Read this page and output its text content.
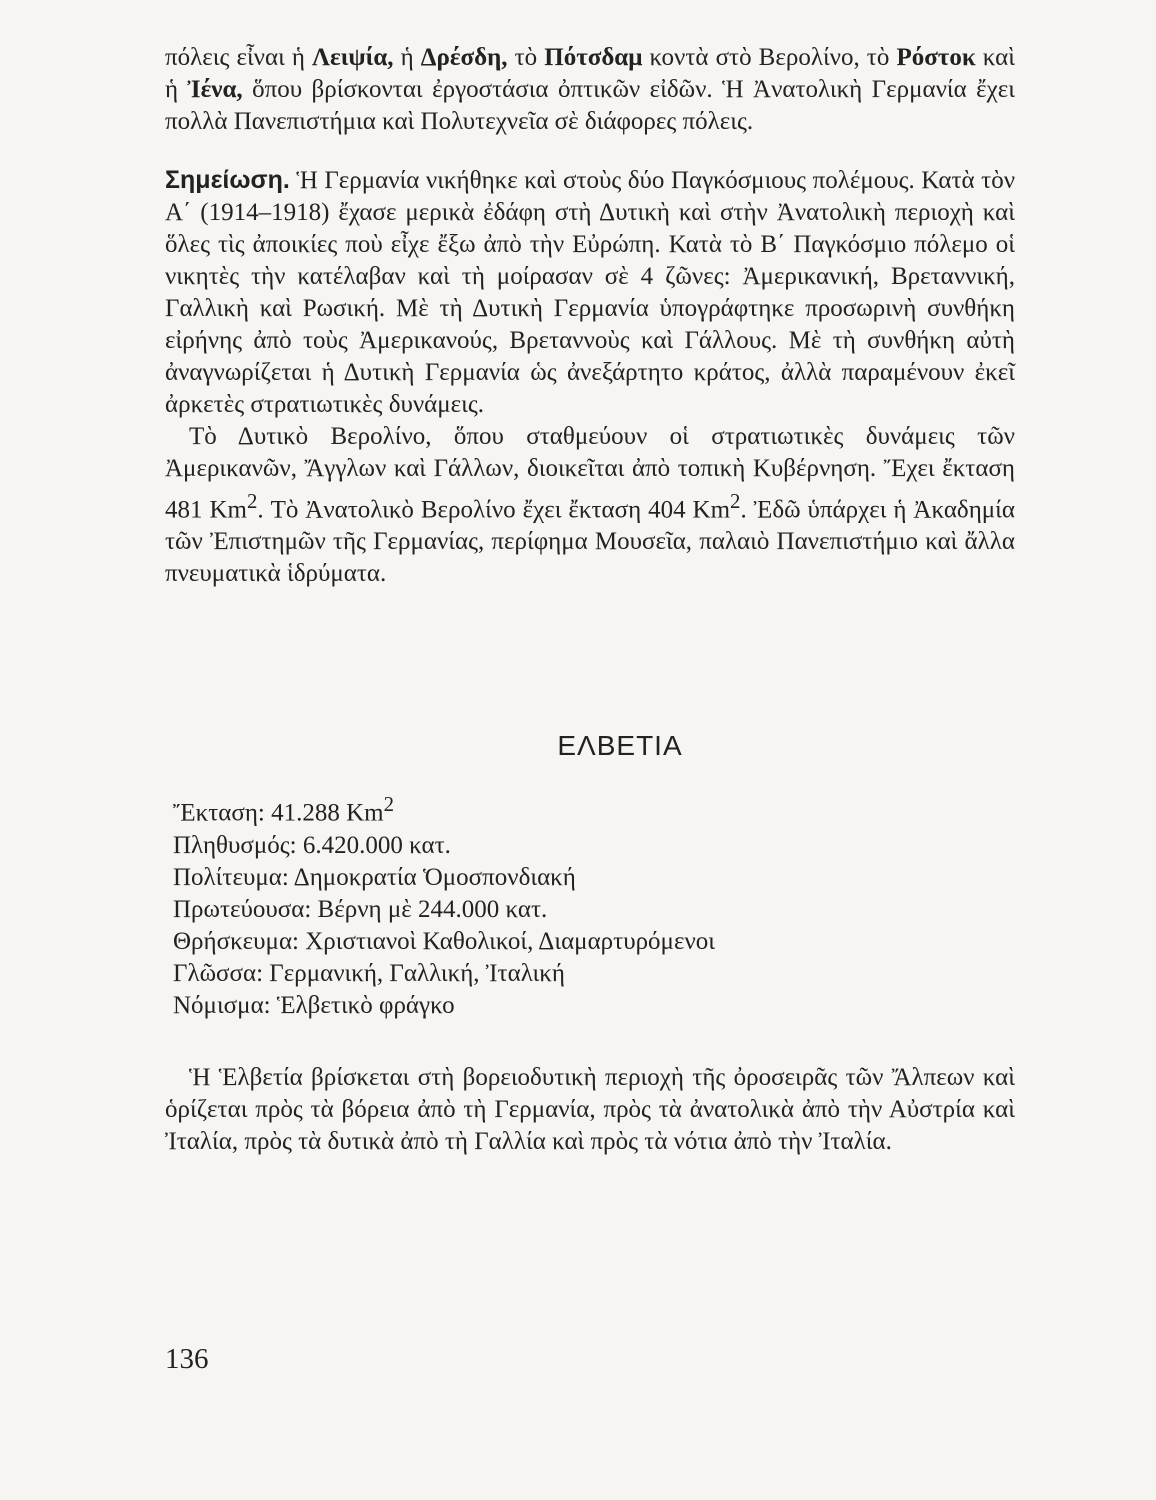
πόλεις εἶναι ἡ Λειψία, ἡ Δρέσδη, τὸ Πότσδαμ κοντὰ στὸ Βερολίνο, τὸ Ρόστοκ καὶ ἡ Ἰένα, ὅπου βρίσκονται ἐργοστάσια ὀπτικῶν εἰδῶν. Ἡ Ἀνατολικὴ Γερμανία ἔχει πολλὰ Πανεπιστήμια καὶ Πολυτεχνεῖα σὲ διάφορες πόλεις.

Σημείωση. Ἡ Γερμανία νικήθηκε καὶ στοὺς δύο Παγκόσμιους πολέμους. Κατὰ τὸν Α΄ (1914–1918) ἔχασε μερικὰ ἐδάφη στὴ Δυτικὴ καὶ στὴν Ἀνατολικὴ περιοχὴ καὶ ὅλες τὶς ἀποικίες ποὺ εἶχε ἔξω ἀπὸ τὴν Εὐρώπη. Κατὰ τὸ Β΄ Παγκόσμιο πόλεμο οἱ νικητὲς τὴν κατέλαβαν καὶ τὴ μοίρασαν σὲ 4 ζῶνες: Ἀμερικανική, Βρεταννική, Γαλλικὴ καὶ Ρωσική. Μὲ τὴ Δυτικὴ Γερμανία ὑπογράφτηκε προσωρινὴ συνθήκη εἰρήνης ἀπὸ τοὺς Ἀμερικανούς, Βρεταννοὺς καὶ Γάλλους. Μὲ τὴ συνθήκη αὐτὴ ἀναγνωρίζεται ἡ Δυτικὴ Γερμανία ὡς ἀνεξάρτητο κράτος, ἀλλὰ παραμένουν ἐκεῖ ἀρκετὲς στρατιωτικὲς δυνάμεις.

Τὸ Δυτικὸ Βερολίνο, ὅπου σταθμεύουν οἱ στρατιωτικὲς δυνάμεις τῶν Ἀμερικανῶν, Ἄγγλων καὶ Γάλλων, διοικεῖται ἀπὸ τοπικὴ Κυβέρνηση. Ἔχει ἔκταση 481 Km$^2$. Τὸ Ἀνατολικὸ Βερολίνο ἔχει ἔκταση 404 Km$^2$. Ἐδῶ ὑπάρχει ἡ Ἀκαδημία τῶν Ἐπιστημῶν τῆς Γερμανίας, περίφημα Μουσεῖα, παλαιὸ Πανεπιστήμιο καὶ ἄλλα πνευματικὰ ἱδρύματα.

ΕΛΒΕΤΙΑ
Ἔκταση: 41.288 Km$^2$
Πληθυσμός: 6.420.000 κατ.
Πολίτευμα: Δημοκρατία Ὁμοσπονδιακή
Πρωτεύουσα: Βέρνη μὲ 244.000 κατ.
Θρήσκευμα: Χριστιανοὶ Καθολικοί, Διαμαρτυρόμενοι
Γλῶσσα: Γερμανική, Γαλλική, Ἰταλική
Νόμισμα: Ἑλβετικὸ φράγκο

Ἡ Ἑλβετία βρίσκεται στὴ βορειοδυτικὴ περιοχὴ τῆς ὀροσειρᾶς τῶν Ἄλπεων καὶ ὁρίζεται πρὸς τὰ βόρεια ἀπὸ τὴ Γερμανία, πρὸς τὰ ἀνατολικὰ ἀπὸ τὴν Αὐστρία καὶ Ἰταλία, πρὸς τὰ δυτικὰ ἀπὸ τὴ Γαλλία καὶ πρὸς τὰ νότια ἀπὸ τὴν Ἰταλία.

136
